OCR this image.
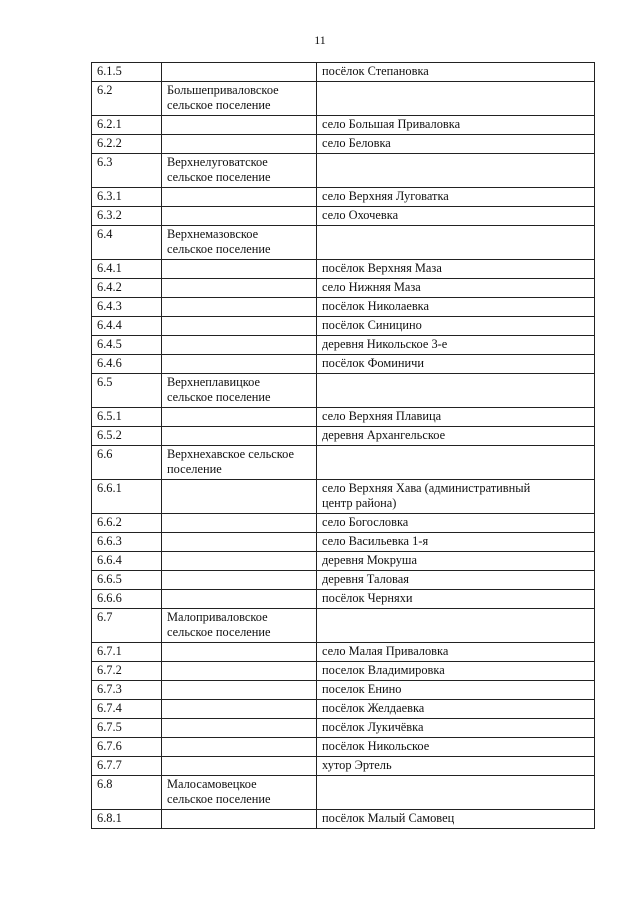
11
6.1.5		посёлок Степановка
6.2	Большеприваловское
сельское поселение	
6.2.1		село Большая Приваловка
6.2.2		село Беловка
6.3	Верхнелуговатское
сельское поселение	
6.3.1		село Верхняя Луговатка
6.3.2		село Охочевка
6.4	Верхнемазовское
сельское поселение	
6.4.1		посёлок Верхняя Маза
6.4.2		село Нижняя Маза
6.4.3		посёлок Николаевка
6.4.4		посёлок Синицино
6.4.5		деревня Никольское 3-е
6.4.6		посёлок Фоминичи
6.5	Верхнеплавицкое
сельское поселение	
6.5.1		село Верхняя Плавица
6.5.2		деревня Архангельское
6.6	Верхнехавское сельское
поселение	
6.6.1		село Верхняя Хава (административный
центр района)
6.6.2		село Богословка
6.6.3		село Васильевка 1-я
6.6.4		деревня Мокруша
6.6.5		деревня Таловая
6.6.6		посёлок Черняхи
6.7	Малоприваловское
сельское поселение	
6.7.1		село Малая Приваловка
6.7.2		поселок Владимировка
6.7.3		поселок Енино
6.7.4		посёлок Желдаевка
6.7.5		посёлок Лукичёвка
6.7.6		посёлок Никольское
6.7.7		хутор Эртель
6.8	Малосамовецкое
сельское поселение	
6.8.1		посёлок Малый Самовец
